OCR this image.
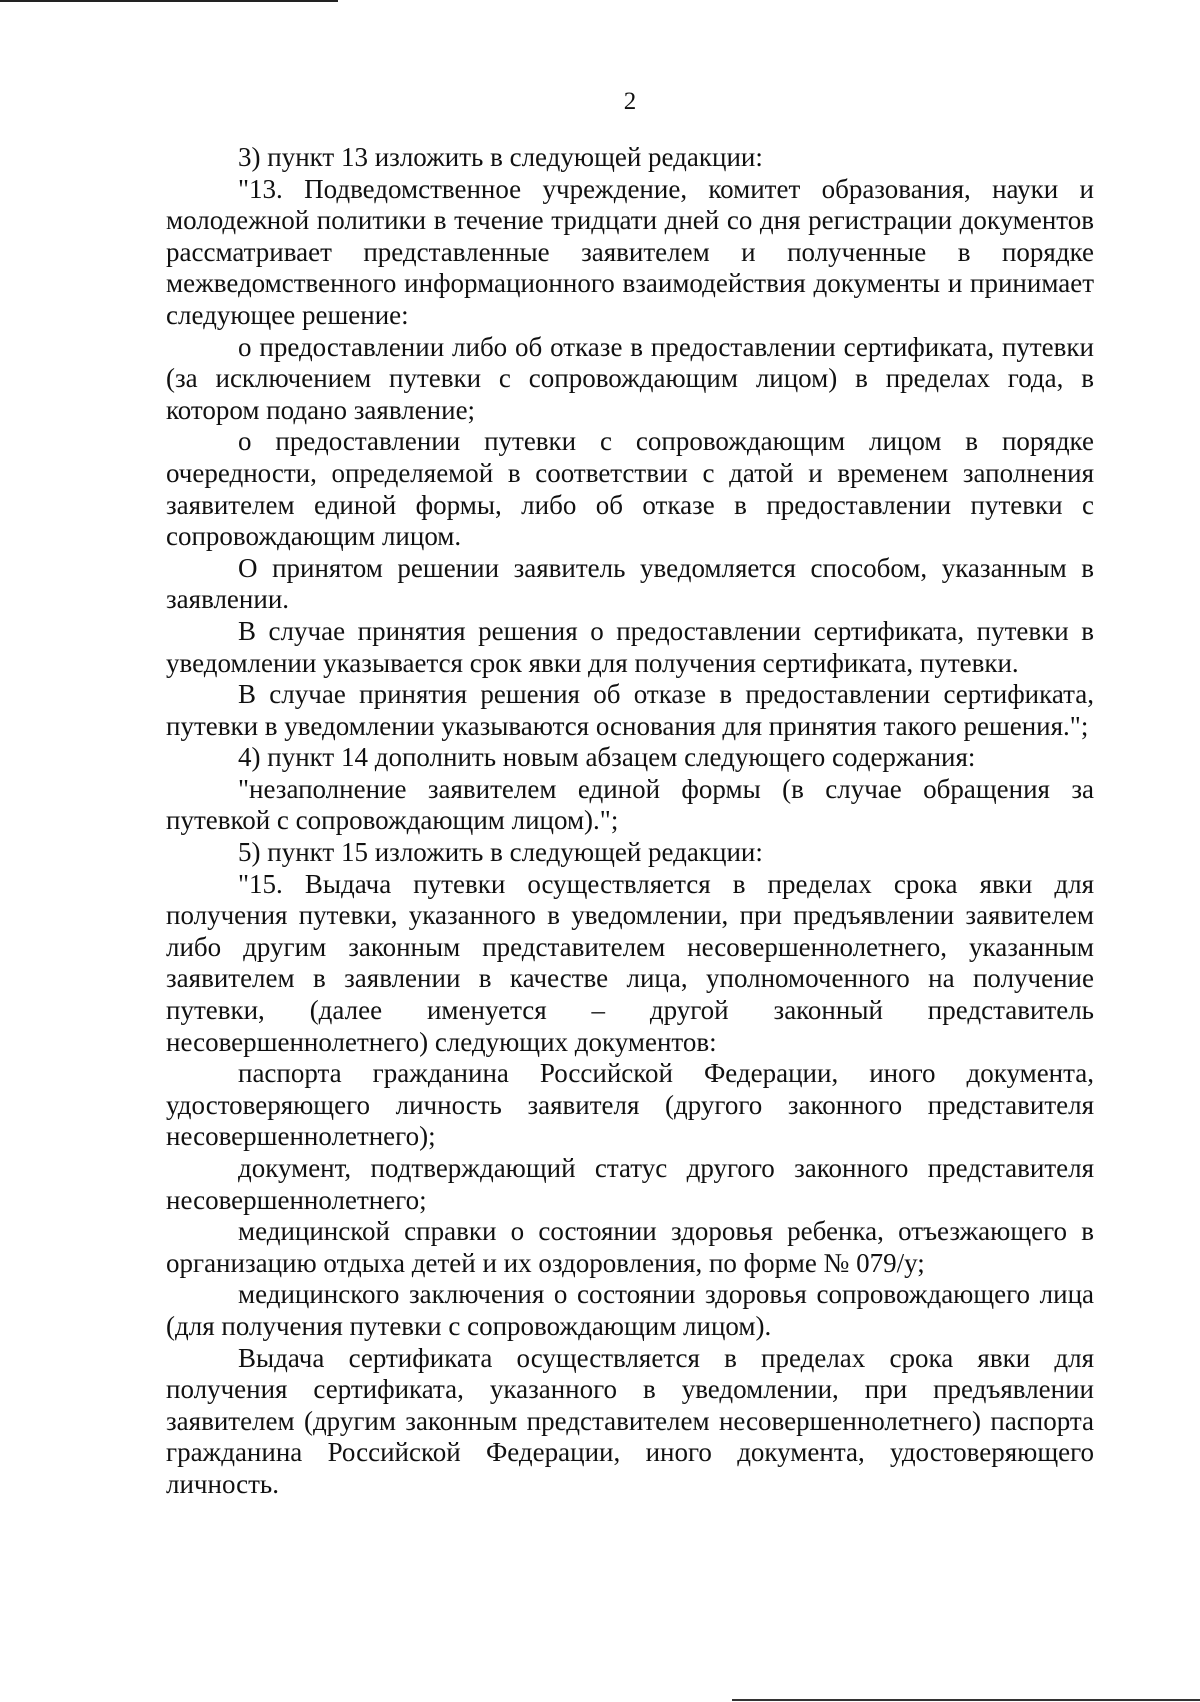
2

3) пункт 13 изложить в следующей редакции:

"13. Подведомственное учреждение, комитет образования, науки и молодежной политики в течение тридцати дней со дня регистрации документов рассматривает представленные заявителем и полученные в порядке межведомственного информационного взаимодействия документы и принимает следующее решение:

о предоставлении либо об отказе в предоставлении сертификата, путевки (за исключением путевки с сопровождающим лицом) в пределах года, в котором подано заявление;

о предоставлении путевки с сопровождающим лицом в порядке очередности, определяемой в соответствии с датой и временем заполнения заявителем единой формы, либо об отказе в предоставлении путевки с сопровождающим лицом.

О принятом решении заявитель уведомляется способом, указанным в заявлении.

В случае принятия решения о предоставлении сертификата, путевки в уведомлении указывается срок явки для получения сертификата, путевки.

В случае принятия решения об отказе в предоставлении сертификата, путевки в уведомлении указываются основания для принятия такого решения.";

4) пункт 14 дополнить новым абзацем следующего содержания:

"незаполнение заявителем единой формы (в случае обращения за путевкой с сопровождающим лицом).";

5) пункт 15 изложить в следующей редакции:

"15. Выдача путевки осуществляется в пределах срока явки для получения путевки, указанного в уведомлении, при предъявлении заявителем либо другим законным представителем несовершеннолетнего, указанным заявителем в заявлении в качестве лица, уполномоченного на получение путевки, (далее именуется – другой законный представитель несовершеннолетнего) следующих документов:

паспорта гражданина Российской Федерации, иного документа, удостоверяющего личность заявителя (другого законного представителя несовершеннолетнего);

документ, подтверждающий статус другого законного представителя несовершеннолетнего;

медицинской справки о состоянии здоровья ребенка, отъезжающего в организацию отдыха детей и их оздоровления, по форме № 079/у;

медицинского заключения о состоянии здоровья сопровождающего лица (для получения путевки с сопровождающим лицом).

Выдача сертификата осуществляется в пределах срока явки для получения сертификата, указанного в уведомлении, при предъявлении заявителем (другим законным представителем несовершеннолетнего) паспорта гражданина Российской Федерации, иного документа, удостоверяющего личность.
